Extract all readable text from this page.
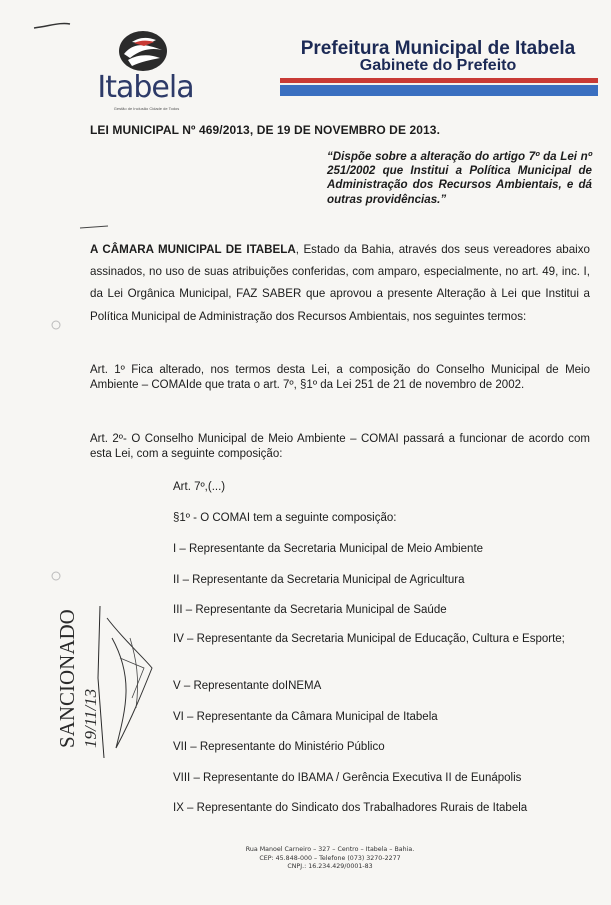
Itabela
Gestão de Inclusão Cidade de Todos
Prefeitura Municipal de Itabela
Gabinete do Prefeito
LEI MUNICIPAL Nº 469/2013, DE 19 DE NOVEMBRO DE 2013.
“Dispõe sobre a alteração do artigo 7º da Lei nº 251/2002 que Institui a Política Municipal de Administração dos Recursos Ambientais, e dá outras providências.”
A CÂMARA MUNICIPAL DE ITABELA, Estado da Bahia, através dos seus vereadores abaixo assinados, no uso de suas atribuições conferidas, com amparo, especialmente, no art. 49, inc. I, da Lei Orgânica Municipal, FAZ SABER que aprovou a presente Alteração à Lei que Institui a Política Municipal de Administração dos Recursos Ambientais, nos seguintes termos:
Art. 1º Fica alterado, nos termos desta Lei, a composição do Conselho Municipal de Meio Ambiente – COMAIde que trata o art. 7º, §1º da Lei 251 de 21 de novembro de 2002.
Art. 2º- O Conselho Municipal de Meio Ambiente – COMAI passará a funcionar de acordo com esta Lei, com a seguinte composição:
Art. 7º,(...)
§1º - O COMAI tem a seguinte composição:
I – Representante da Secretaria Municipal de Meio Ambiente
II – Representante da Secretaria Municipal de Agricultura
III – Representante da Secretaria Municipal de Saúde
IV – Representante da Secretaria Municipal de Educação, Cultura e Esporte;
V – Representante doINEMA
VI – Representante da Câmara Municipal de Itabela
VII – Representante do Ministério Público
VIII – Representante do IBAMA / Gerência Executiva II de Eunápolis
IX – Representante do Sindicato dos Trabalhadores Rurais de Itabela
SANCIONADO 19/11/13
Rua Manoel Carneiro – 327 – Centro – Itabela – Bahia.
CEP: 45.848-000 – Telefone (073) 3270-2277
CNPJ.: 16.234.429/0001-83
